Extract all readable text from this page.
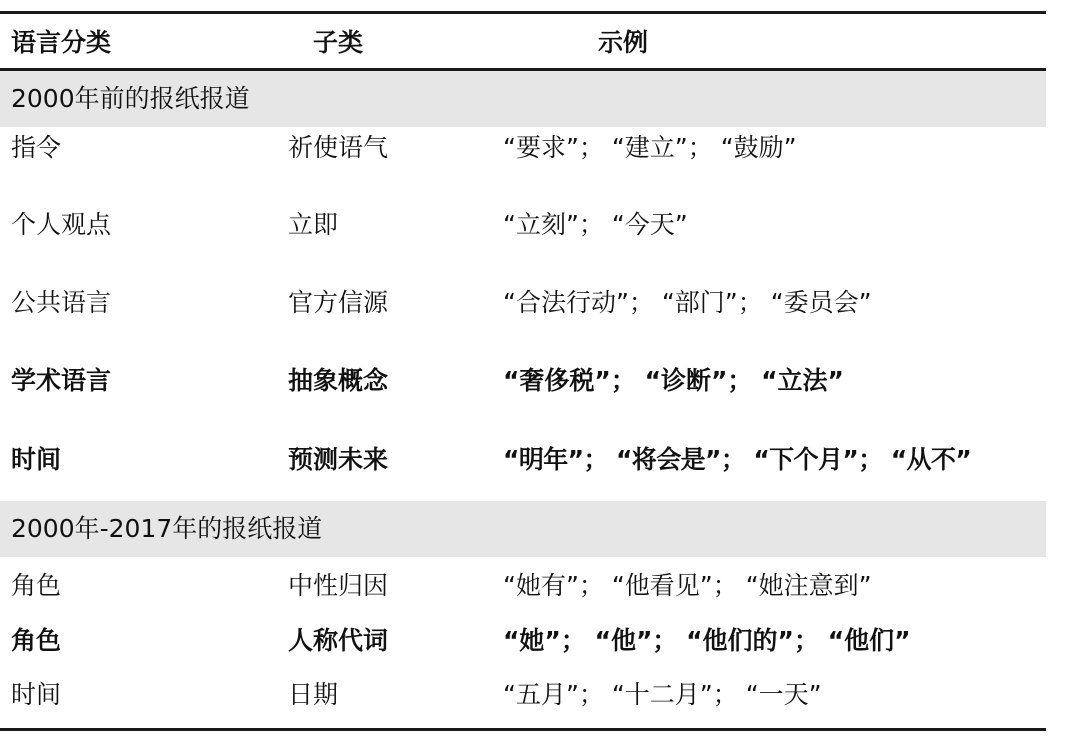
语言分类	子类	示例
2000年前的报纸报道
指令	祈使语气	“要求”； “建立”； “鼓励”
个人观点	立即	“立刻”； “今天”
公共语言	官方信源	“合法行动”； “部门”； “委员会”
学术语言	抽象概念	“奢侈税”； “诊断”； “立法”
时间	预测未来	“明年”； “将会是”； “下个月”； “从不”
2000年-2017年的报纸报道
角色	中性归因	“她有”； “他看见”； “她注意到”
角色	人称代词	“她”； “他”； “他们的”； “他们”
时间	日期	“五月”； “十二月”； “一天”
